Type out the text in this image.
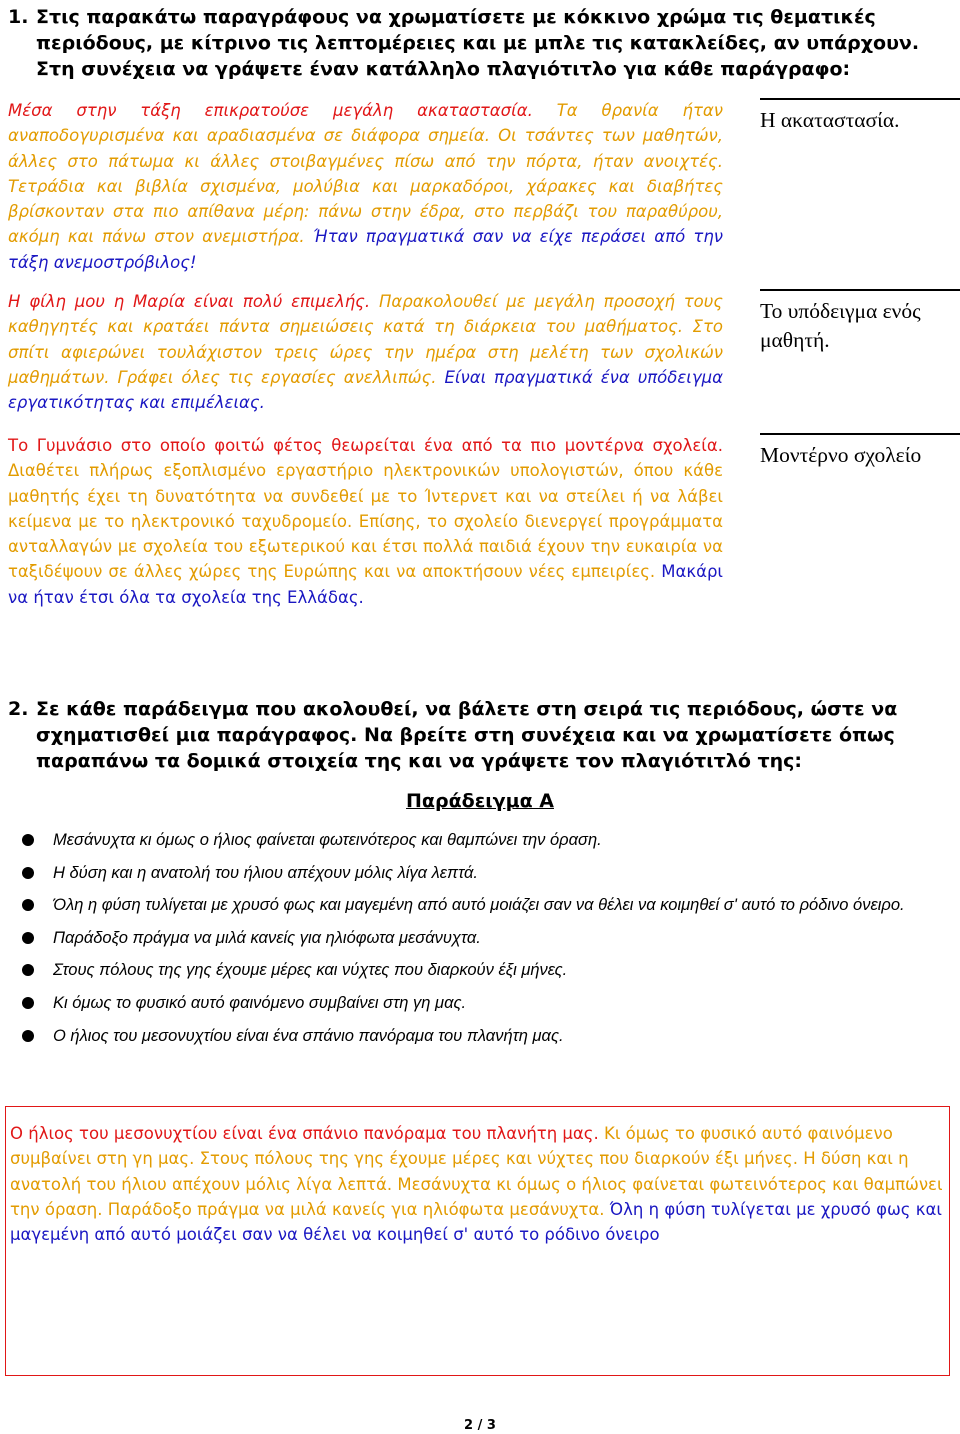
1. Στις παρακάτω παραγράφους να χρωματίσετε με κόκκινο χρώμα τις θεματικές περιόδους, με κίτρινο τις λεπτομέρειες και με μπλε τις κατακλείδες, αν υπάρχουν. Στη συνέχεια να γράψετε έναν κατάλληλο πλαγιότιτλο για κάθε παράγραφο:

Μέσα στην τάξη επικρατούσε μεγάλη ακαταστασία. Τα θρανία ήταν αναποδογυρισμένα και αραδιασμένα σε διάφορα σημεία. Οι τσάντες των μαθητών, άλλες στο πάτωμα κι άλλες στοιβαγμένες πίσω από την πόρτα, ήταν ανοιχτές. Τετράδια και βιβλία σχισμένα, μολύβια και μαρκαδόροι, χάρακες και διαβήτες βρίσκονταν στα πιο απίθανα μέρη: πάνω στην έδρα, στο περβάζι του παραθύρου, ακόμη και πάνω στον ανεμιστήρα. Ήταν πραγματικά σαν να είχε περάσει από την τάξη ανεμοστρόβιλος!
Η ακαταστασία.
Η φίλη μου η Μαρία είναι πολύ επιμελής. Παρακολουθεί με μεγάλη προσοχή τους καθηγητές και κρατάει πάντα σημειώσεις κατά τη διάρκεια του μαθήματος. Στο σπίτι αφιερώνει τουλάχιστον τρεις ώρες την ημέρα στη μελέτη των σχολικών μαθημάτων. Γράφει όλες τις εργασίες ανελλιπώς. Είναι πραγματικά ένα υπόδειγμα εργατικότητας και επιμέλειας.
Το υπόδειγμα ενός μαθητή.
Το Γυμνάσιο στο οποίο φοιτώ φέτος θεωρείται ένα από τα πιο μοντέρνα σχολεία. Διαθέτει πλήρως εξοπλισμένο εργαστήριο ηλεκτρονικών υπολογιστών, όπου κάθε μαθητής έχει τη δυνατότητα να συνδεθεί με το Ίντερνετ και να στείλει ή να λάβει κείμενα με το ηλεκτρονικό ταχυδρομείο. Επίσης, το σχολείο διενεργεί προγράμματα ανταλλαγών με σχολεία του εξωτερικού και έτσι πολλά παιδιά έχουν την ευκαιρία να ταξιδέψουν σε άλλες χώρες της Ευρώπης και να αποκτήσουν νέες εμπειρίες. Μακάρι να ήταν έτσι όλα τα σχολεία της Ελλάδας.
Μοντέρνο σχολείο

2. Σε κάθε παράδειγμα που ακολουθεί, να βάλετε στη σειρά τις περιόδους, ώστε να σχηματισθεί μια παράγραφος. Να βρείτε στη συνέχεια και να χρωματίσετε όπως παραπάνω τα δομικά στοιχεία της και να γράψετε τον πλαγιότιτλό της:

Παράδειγμα Α
Μεσάνυχτα κι όμως ο ήλιος φαίνεται φωτεινότερος και θαμπώνει την όραση.
Η δύση και η ανατολή του ήλιου απέχουν μόλις λίγα λεπτά.
Όλη η φύση τυλίγεται με χρυσό φως και μαγεμένη από αυτό μοιάζει σαν να θέλει να κοιμηθεί σ' αυτό το ρόδινο όνειρο.
Παράδοξο πράγμα να μιλά κανείς για ηλιόφωτα μεσάνυχτα.
Στους πόλους της γης έχουμε μέρες και νύχτες που διαρκούν έξι μήνες.
Κι όμως το φυσικό αυτό φαινόμενο συμβαίνει στη γη μας.
Ο ήλιος του μεσονυχτίου είναι ένα σπάνιο πανόραμα του πλανήτη μας.
Ο ήλιος του μεσονυχτίου είναι ένα σπάνιο πανόραμα του πλανήτη μας. Κι όμως το φυσικό αυτό φαινόμενο συμβαίνει στη γη μας. Στους πόλους της γης έχουμε μέρες και νύχτες που διαρκούν έξι μήνες. Η δύση και η ανατολή του ήλιου απέχουν μόλις λίγα λεπτά. Μεσάνυχτα κι όμως ο ήλιος φαίνεται φωτεινότερος και θαμπώνει την όραση. Παράδοξο πράγμα να μιλά κανείς για ηλιόφωτα μεσάνυχτα. Όλη η φύση τυλίγεται με χρυσό φως και μαγεμένη από αυτό μοιάζει σαν να θέλει να κοιμηθεί σ' αυτό το ρόδινο όνειρο
2 / 3
